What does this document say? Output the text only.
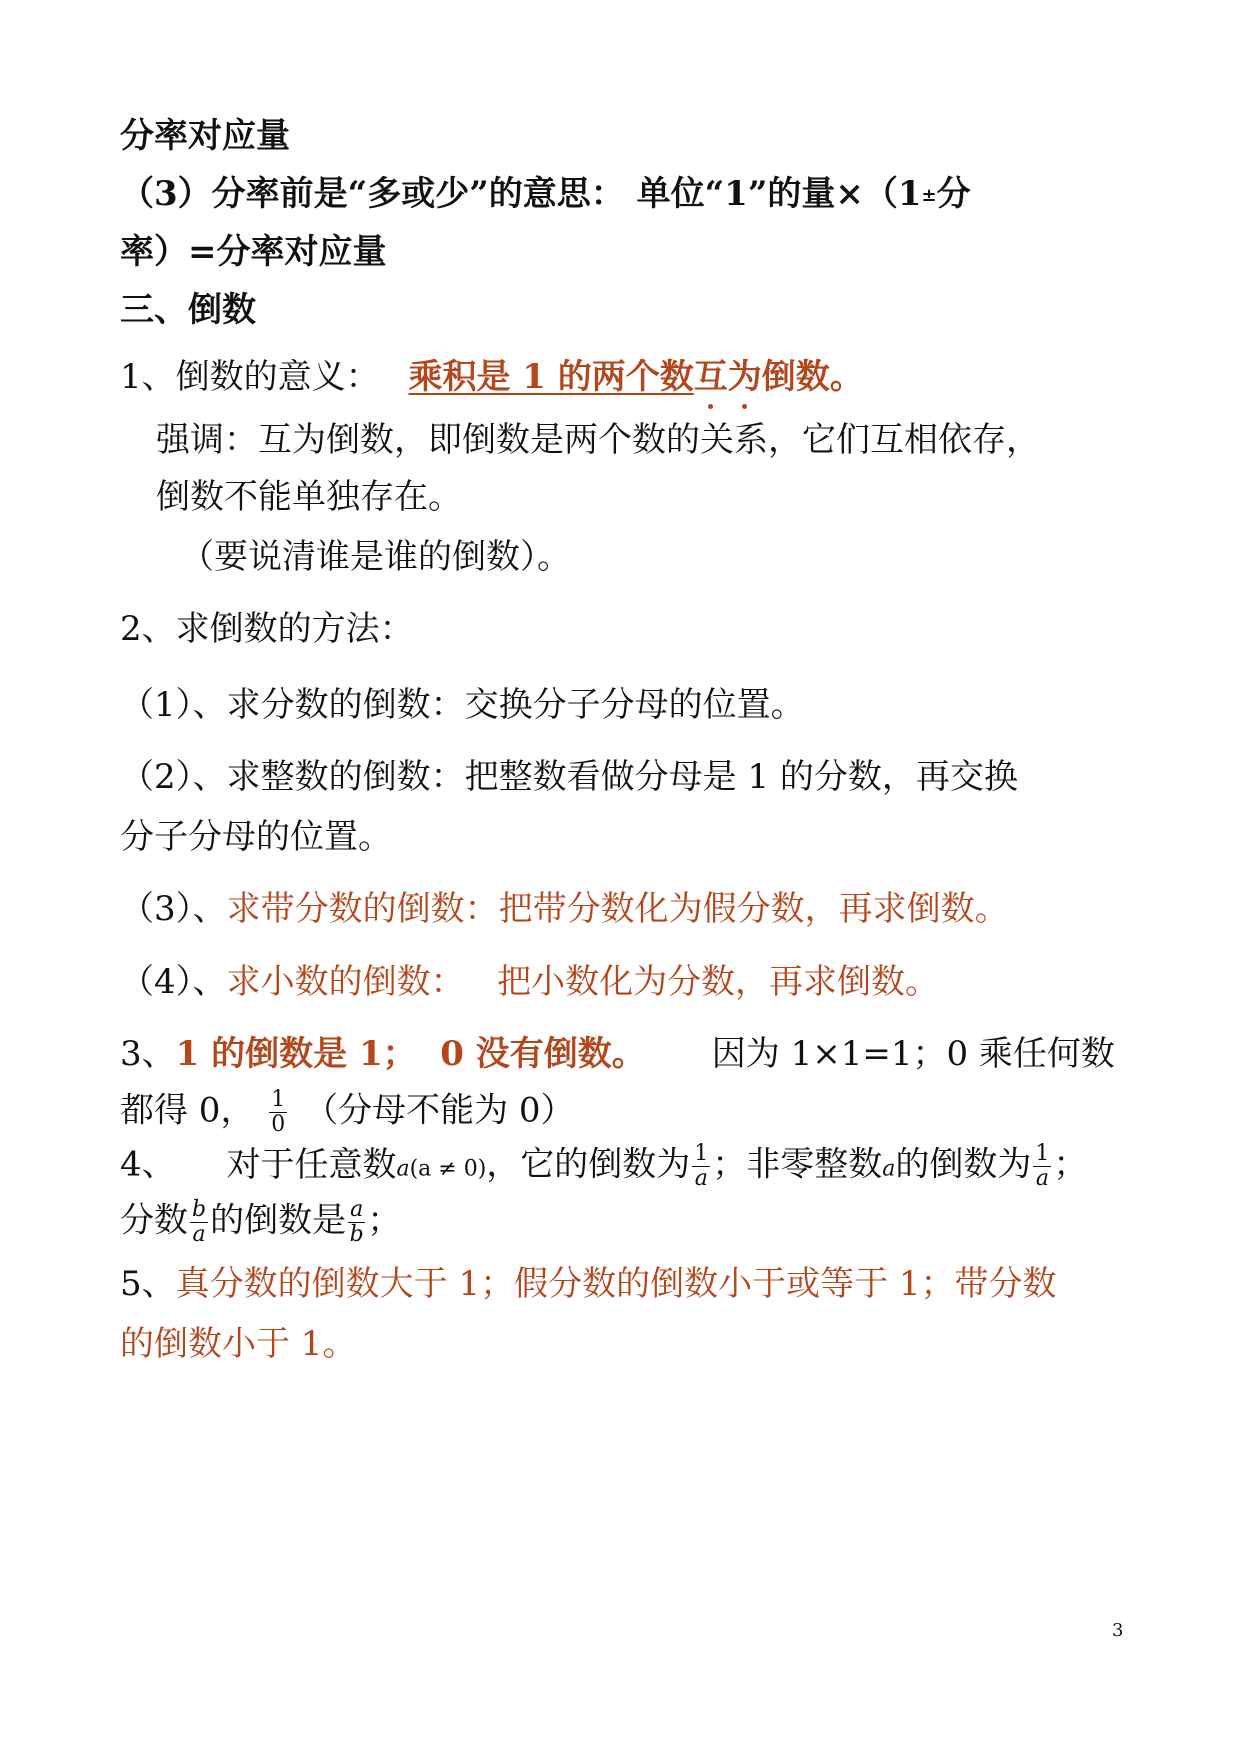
分率对应量
（3）分率前是“多或少”的意思： 单位“1”的量×（1±分
率）=分率对应量
三、倒数
1、倒数的意义： 乘积是 1 的两个数互为倒数。
强调：互为倒数，即倒数是两个数的关系，它们互相依存，
倒数不能单独存在。
（要说清谁是谁的倒数）。
2、求倒数的方法：
（1）、求分数的倒数：交换分子分母的位置。
（2）、求整数的倒数：把整数看做分母是 1 的分数，再交换
分子分母的位置。
（3）、求带分数的倒数：把带分数化为假分数，再求倒数。
（4）、求小数的倒数：   把小数化为分数，再求倒数。
3、1 的倒数是 1；  0 没有倒数。 因为 1×1=1；0 乘任何数
都得 0， $\frac{1}{0}$ （分母不能为 0）
4、 对于任意数a(a ≠ 0)，它的倒数为 $\frac{1}{a}$ ；非零整数a的倒数为 $\frac{1}{a}$ ；
分数 $\frac{b}{a}$ 的倒数是 $\frac{a}{b}$ ；
5、真分数的倒数大于 1；假分数的倒数小于或等于 1；带分数
的倒数小于 1。
3
